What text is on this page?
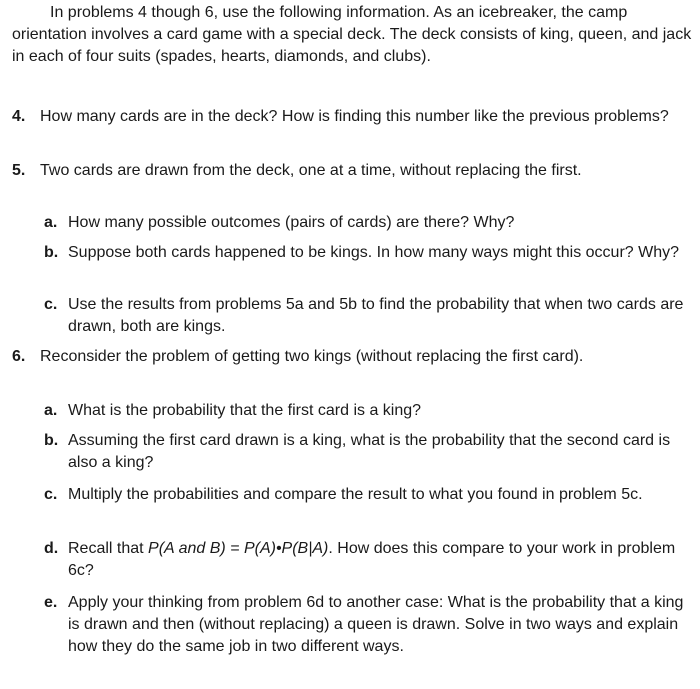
In problems 4 though 6, use the following information. As an icebreaker, the camp orientation involves a card game with a special deck. The deck consists of king, queen, and jack in each of four suits (spades, hearts, diamonds, and clubs).

4. How many cards are in the deck? How is finding this number like the previous problems?
5. Two cards are drawn from the deck, one at a time, without replacing the first.
a. How many possible outcomes (pairs of cards) are there? Why?
b. Suppose both cards happened to be kings. In how many ways might this occur? Why?
c. Use the results from problems 5a and 5b to find the probability that when two cards are drawn, both are kings.
6. Reconsider the problem of getting two kings (without replacing the first card).
a. What is the probability that the first card is a king?
b. Assuming the first card drawn is a king, what is the probability that the second card is also a king?
c. Multiply the probabilities and compare the result to what you found in problem 5c.
d. Recall that P(A and B) = P(A)•P(B|A). How does this compare to your work in problem 6c?
e. Apply your thinking from problem 6d to another case: What is the probability that a king is drawn and then (without replacing) a queen is drawn. Solve in two ways and explain how they do the same job in two different ways.
